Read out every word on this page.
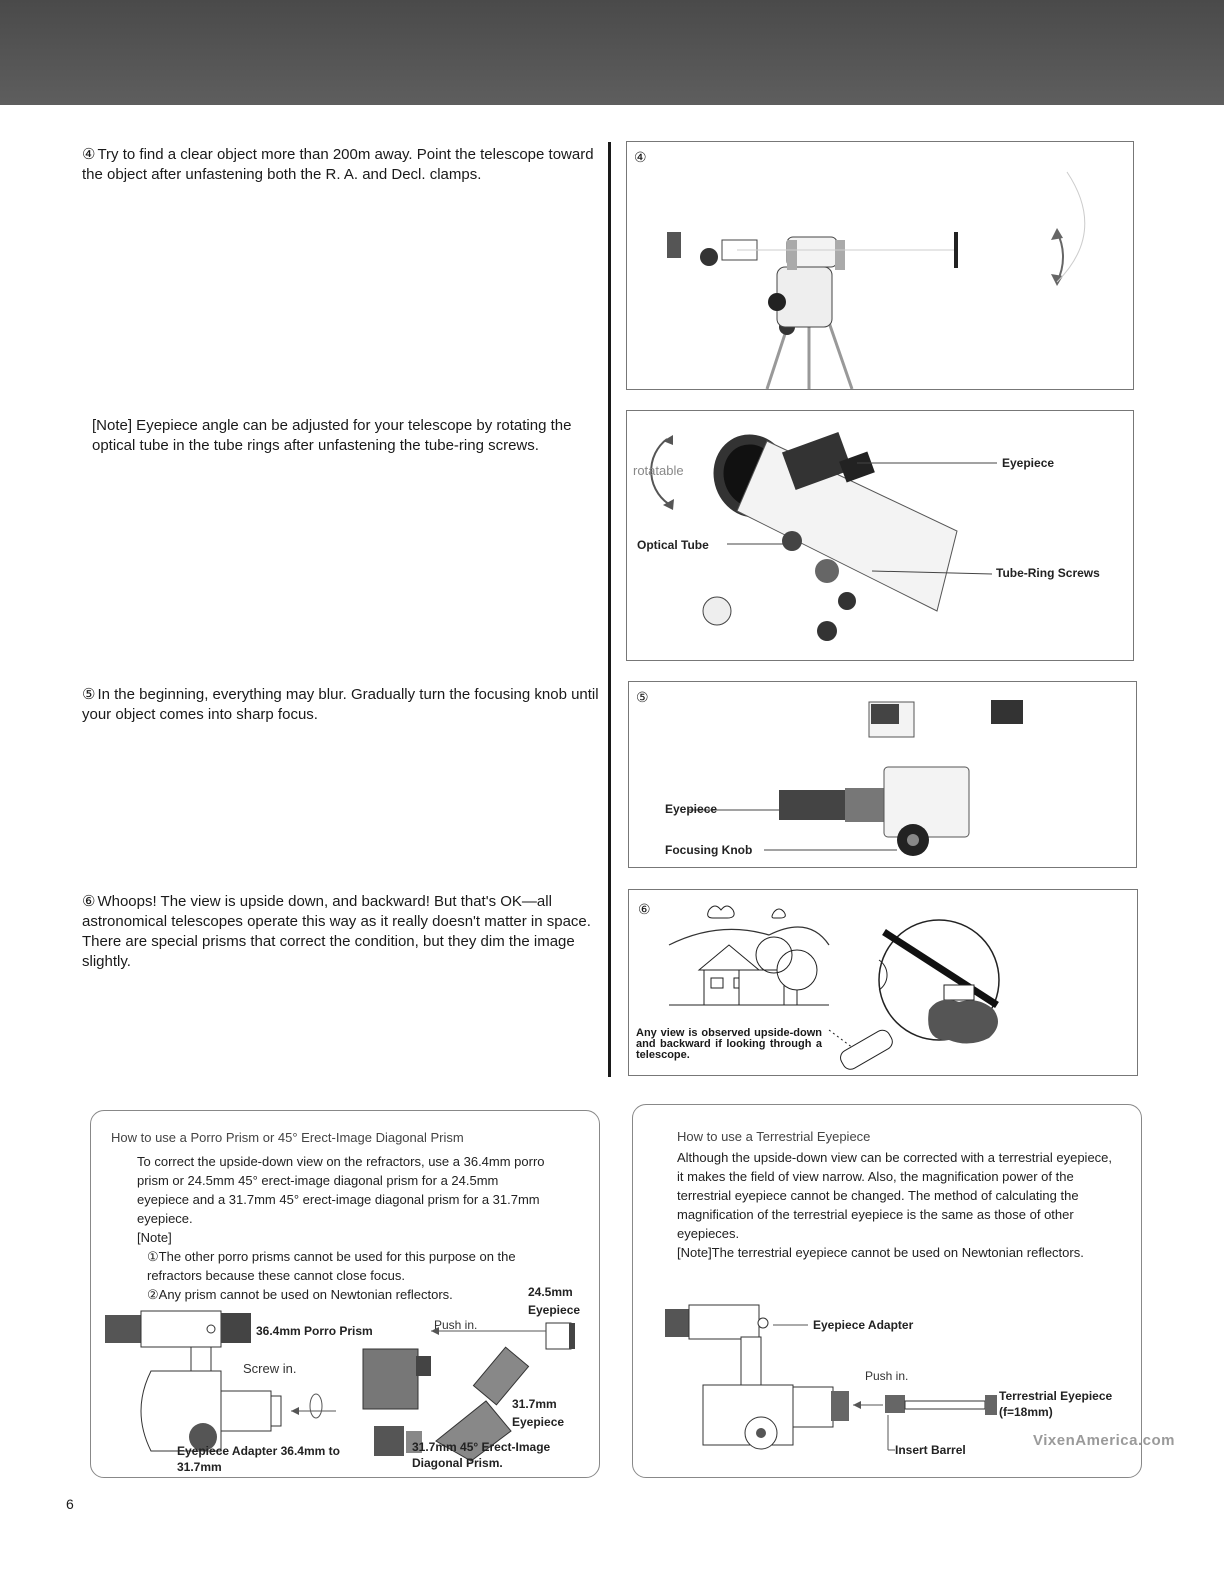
④ Try to find a clear object more than 200m away. Point the telescope toward the object after unfastening both the R. A. and Decl. clamps.
[Note] Eyepiece angle can be adjusted for your telescope by rotating the optical tube in the tube rings after unfastening the tube-ring screws.
⑤ In the beginning, everything may blur. Gradually turn the focusing knob until your object comes into sharp focus.
⑥ Whoops! The view is upside down, and backward! But that's OK—all astronomical telescopes operate this way as it really doesn't matter in space. There are special prisms that correct the condition, but they dim the image slightly.
④
rotatable	Eyepiece
Optical Tube
Tube-Ring Screws
⑤
Eyepiece
Focusing Knob
⑥
Any view is observed upside-down and backward if looking through a telescope.
How to use a Porro Prism or 45° Erect-Image Diagonal Prism

To correct the upside-down view on the refractors, use a 36.4mm porro prism or 24.5mm 45° erect-image diagonal prism for a 24.5mm eyepiece and a 31.7mm 45° erect-image diagonal prism for a 31.7mm eyepiece.

[Note]

①The other porro prisms cannot be used for this purpose on the refractors because these cannot close focus.

②Any prism cannot be used on Newtonian reflectors.	24.5mm Eyepiece
36.4mm Porro Prism	Push in.
Screw in.
31.7mm Eyepiece
Eyepiece Adapter 36.4mm to 31.7mm
31.7mm 45° Erect-Image Diagonal Prism.
How to use a Terrestrial Eyepiece

Although the upside-down view can be corrected with a terrestrial eyepiece, it makes the field of view narrow. Also, the magnification power of the terrestrial eyepiece cannot be changed. The method of calculating the magnification of the terrestrial eyepiece is the same as those of other eyepieces.

[Note]The terrestrial eyepiece cannot be used on Newtonian reflectors.

Eyepiece Adapter
Push in.
Terrestrial Eyepiece (f=18mm)
Insert Barrel
VixenAmerica.com
6
